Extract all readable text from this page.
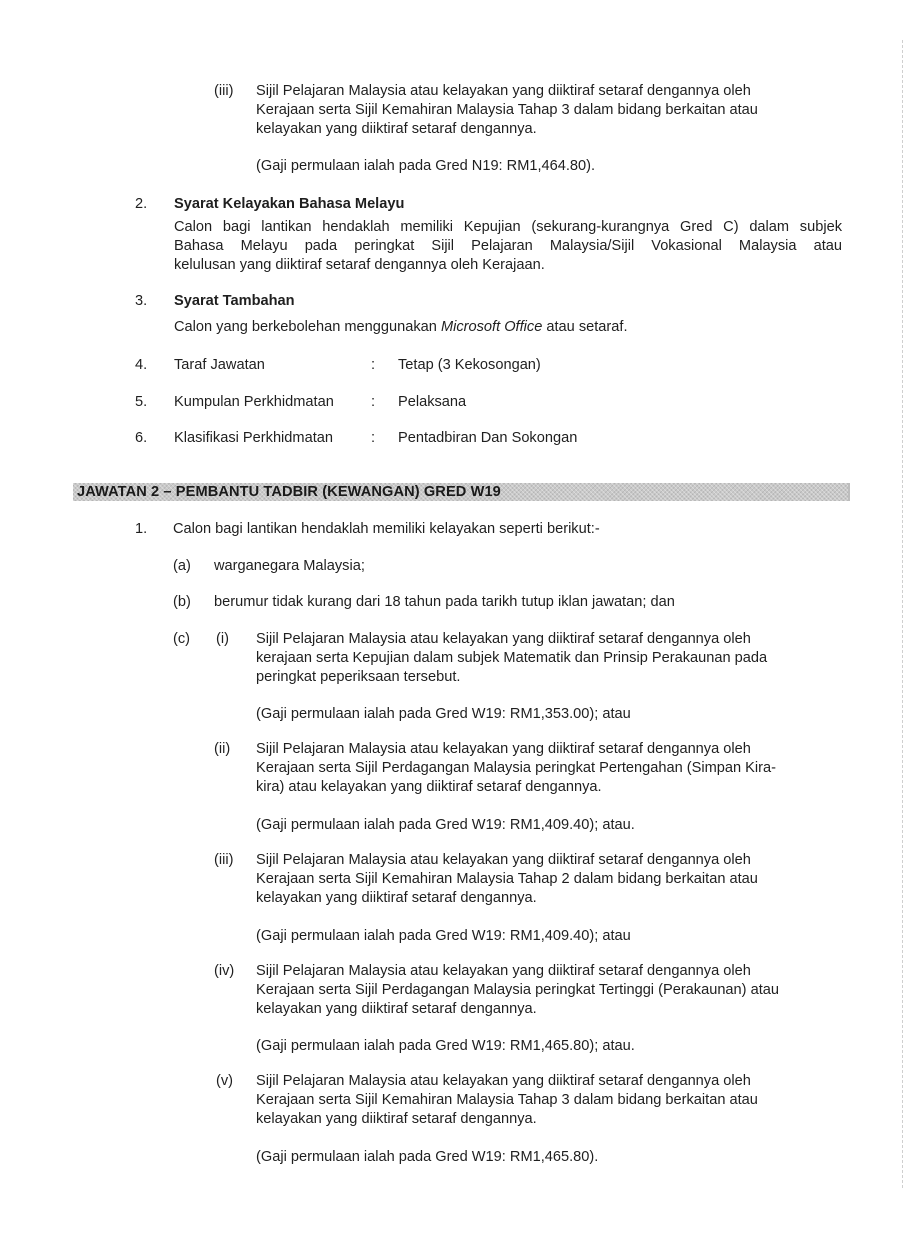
(iii) Sijil Pelajaran Malaysia atau kelayakan yang diiktiraf setaraf dengannya oleh
Kerajaan serta Sijil Kemahiran Malaysia Tahap 3 dalam bidang berkaitan atau
kelayakan yang diiktiraf setaraf dengannya.
(Gaji permulaan ialah pada Gred N19: RM1,464.80).
2. Syarat Kelayakan Bahasa Melayu
Calon bagi lantikan hendaklah memiliki Kepujian (sekurang-kurangnya Gred C) dalam subjek
Bahasa Melayu pada peringkat Sijil Pelajaran Malaysia/Sijil Vokasional Malaysia atau
kelulusan yang diiktiraf setaraf dengannya oleh Kerajaan.
3. Syarat Tambahan
Calon yang berkebolehan menggunakan Microsoft Office atau setaraf.
4. Taraf Jawatan	: Tetap (3 Kekosongan)
5. Kumpulan Perkhidmatan	: Pelaksana
6. Klasifikasi Perkhidmatan	: Pentadbiran Dan Sokongan
JAWATAN 2 – PEMBANTU TADBIR (KEWANGAN) GRED W19
1. Calon bagi lantikan hendaklah memiliki kelayakan seperti berikut:-
(a) warganegara Malaysia;
(b) berumur tidak kurang dari 18 tahun pada tarikh tutup iklan jawatan; dan
(c) (i) Sijil Pelajaran Malaysia atau kelayakan yang diiktiraf setaraf dengannya oleh
kerajaan serta Kepujian dalam subjek Matematik dan Prinsip Perakaunan pada
peringkat peperiksaan tersebut.
(Gaji permulaan ialah pada Gred W19: RM1,353.00); atau
(ii) Sijil Pelajaran Malaysia atau kelayakan yang diiktiraf setaraf dengannya oleh
Kerajaan serta Sijil Perdagangan Malaysia peringkat Pertengahan (Simpan Kira-
kira) atau kelayakan yang diiktiraf setaraf dengannya.
(Gaji permulaan ialah pada Gred W19: RM1,409.40); atau.
(iii) Sijil Pelajaran Malaysia atau kelayakan yang diiktiraf setaraf dengannya oleh
Kerajaan serta Sijil Kemahiran Malaysia Tahap 2 dalam bidang berkaitan atau
kelayakan yang diiktiraf setaraf dengannya.
(Gaji permulaan ialah pada Gred W19: RM1,409.40); atau
(iv) Sijil Pelajaran Malaysia atau kelayakan yang diiktiraf setaraf dengannya oleh
Kerajaan serta Sijil Perdagangan Malaysia peringkat Tertinggi (Perakaunan) atau
kelayakan yang diiktiraf setaraf dengannya.
(Gaji permulaan ialah pada Gred W19: RM1,465.80); atau.
(v) Sijil Pelajaran Malaysia atau kelayakan yang diiktiraf setaraf dengannya oleh
Kerajaan serta Sijil Kemahiran Malaysia Tahap 3 dalam bidang berkaitan atau
kelayakan yang diiktiraf setaraf dengannya.
(Gaji permulaan ialah pada Gred W19: RM1,465.80).
